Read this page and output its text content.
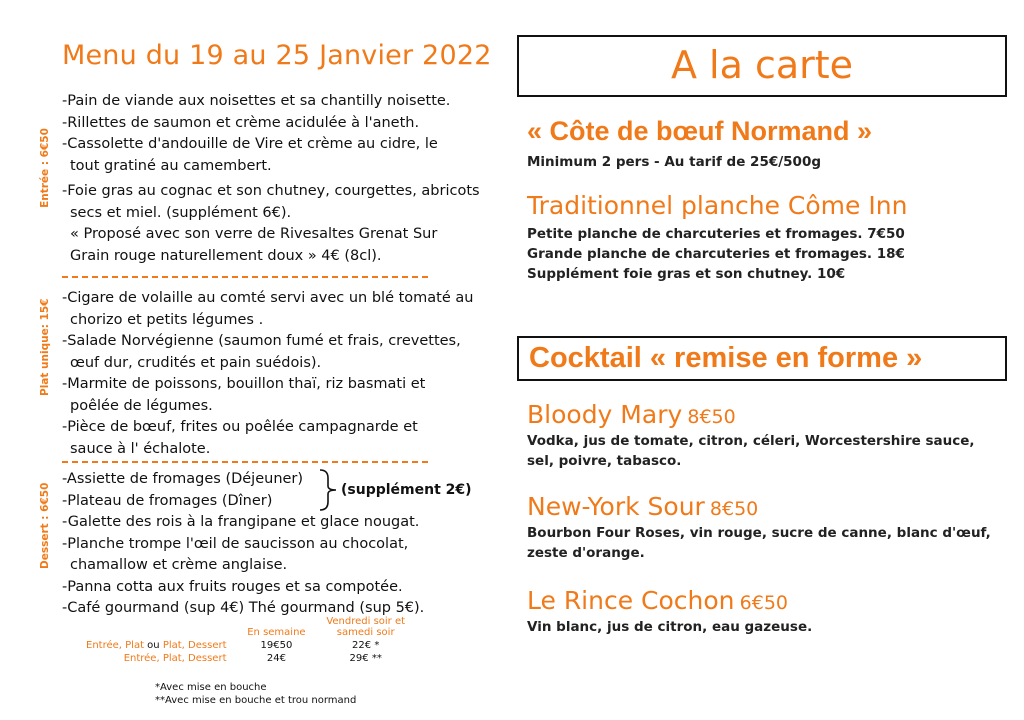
Menu du 19 au 25 Janvier 2022
-Pain de viande aux noisettes et sa chantilly noisette.
-Rillettes de saumon et crème acidulée à l'aneth.
-Cassolette d'andouille de Vire et crème au cidre, le
tout gratiné au camembert.
-Foie gras au cognac et son chutney, courgettes, abricots
secs et miel. (supplément 6€).
« Proposé avec son verre de Rivesaltes Grenat Sur
Grain rouge naturellement doux » 4€ (8cl).
-Cigare de volaille au comté servi avec un blé tomaté au
chorizo et petits légumes .
-Salade Norvégienne (saumon fumé et frais, crevettes,
œuf dur, crudités et pain suédois).
-Marmite de poissons, bouillon thaï, riz basmati et
poêlée de légumes.
-Pièce de bœuf, frites ou poêlée campagnarde et
sauce à l' échalote.
-Assiette de fromages (Déjeuner)
-Plateau de fromages (Dîner)
-Galette des rois à la frangipane et glace nougat.
-Planche trompe l'œil de saucisson au chocolat,
chamallow et crème anglaise.
-Panna cotta aux fruits rouges et sa compotée.
-Café gourmand (sup 4€) Thé gourmand (sup 5€).
Entrée : 6€50
Plat unique: 15€
Dessert : 6€50	(supplément 2€)
	En semaine	Vendredi soir et
samedi soir
Entrée, Plat ou Plat, Dessert	19€50	22€ *
Entrée, Plat, Dessert	24€	29€ **
*Avec mise en bouche
**Avec mise en bouche et trou normand
A la carte
« Côte de bœuf Normand »
Minimum 2 pers - Au tarif de 25€/500g
Traditionnel planche Côme Inn
Petite planche de charcuteries et fromages. 7€50
Grande planche de charcuteries et fromages. 18€
Supplément foie gras et son chutney. 10€
Cocktail « remise en forme »
Bloody Mary 8€50
Vodka, jus de tomate, citron, céleri, Worcestershire sauce,
sel, poivre, tabasco.
New-York Sour 8€50
Bourbon Four Roses, vin rouge, sucre de canne, blanc d'œuf,
zeste d'orange.
Le Rince Cochon 6€50
Vin blanc, jus de citron, eau gazeuse.
